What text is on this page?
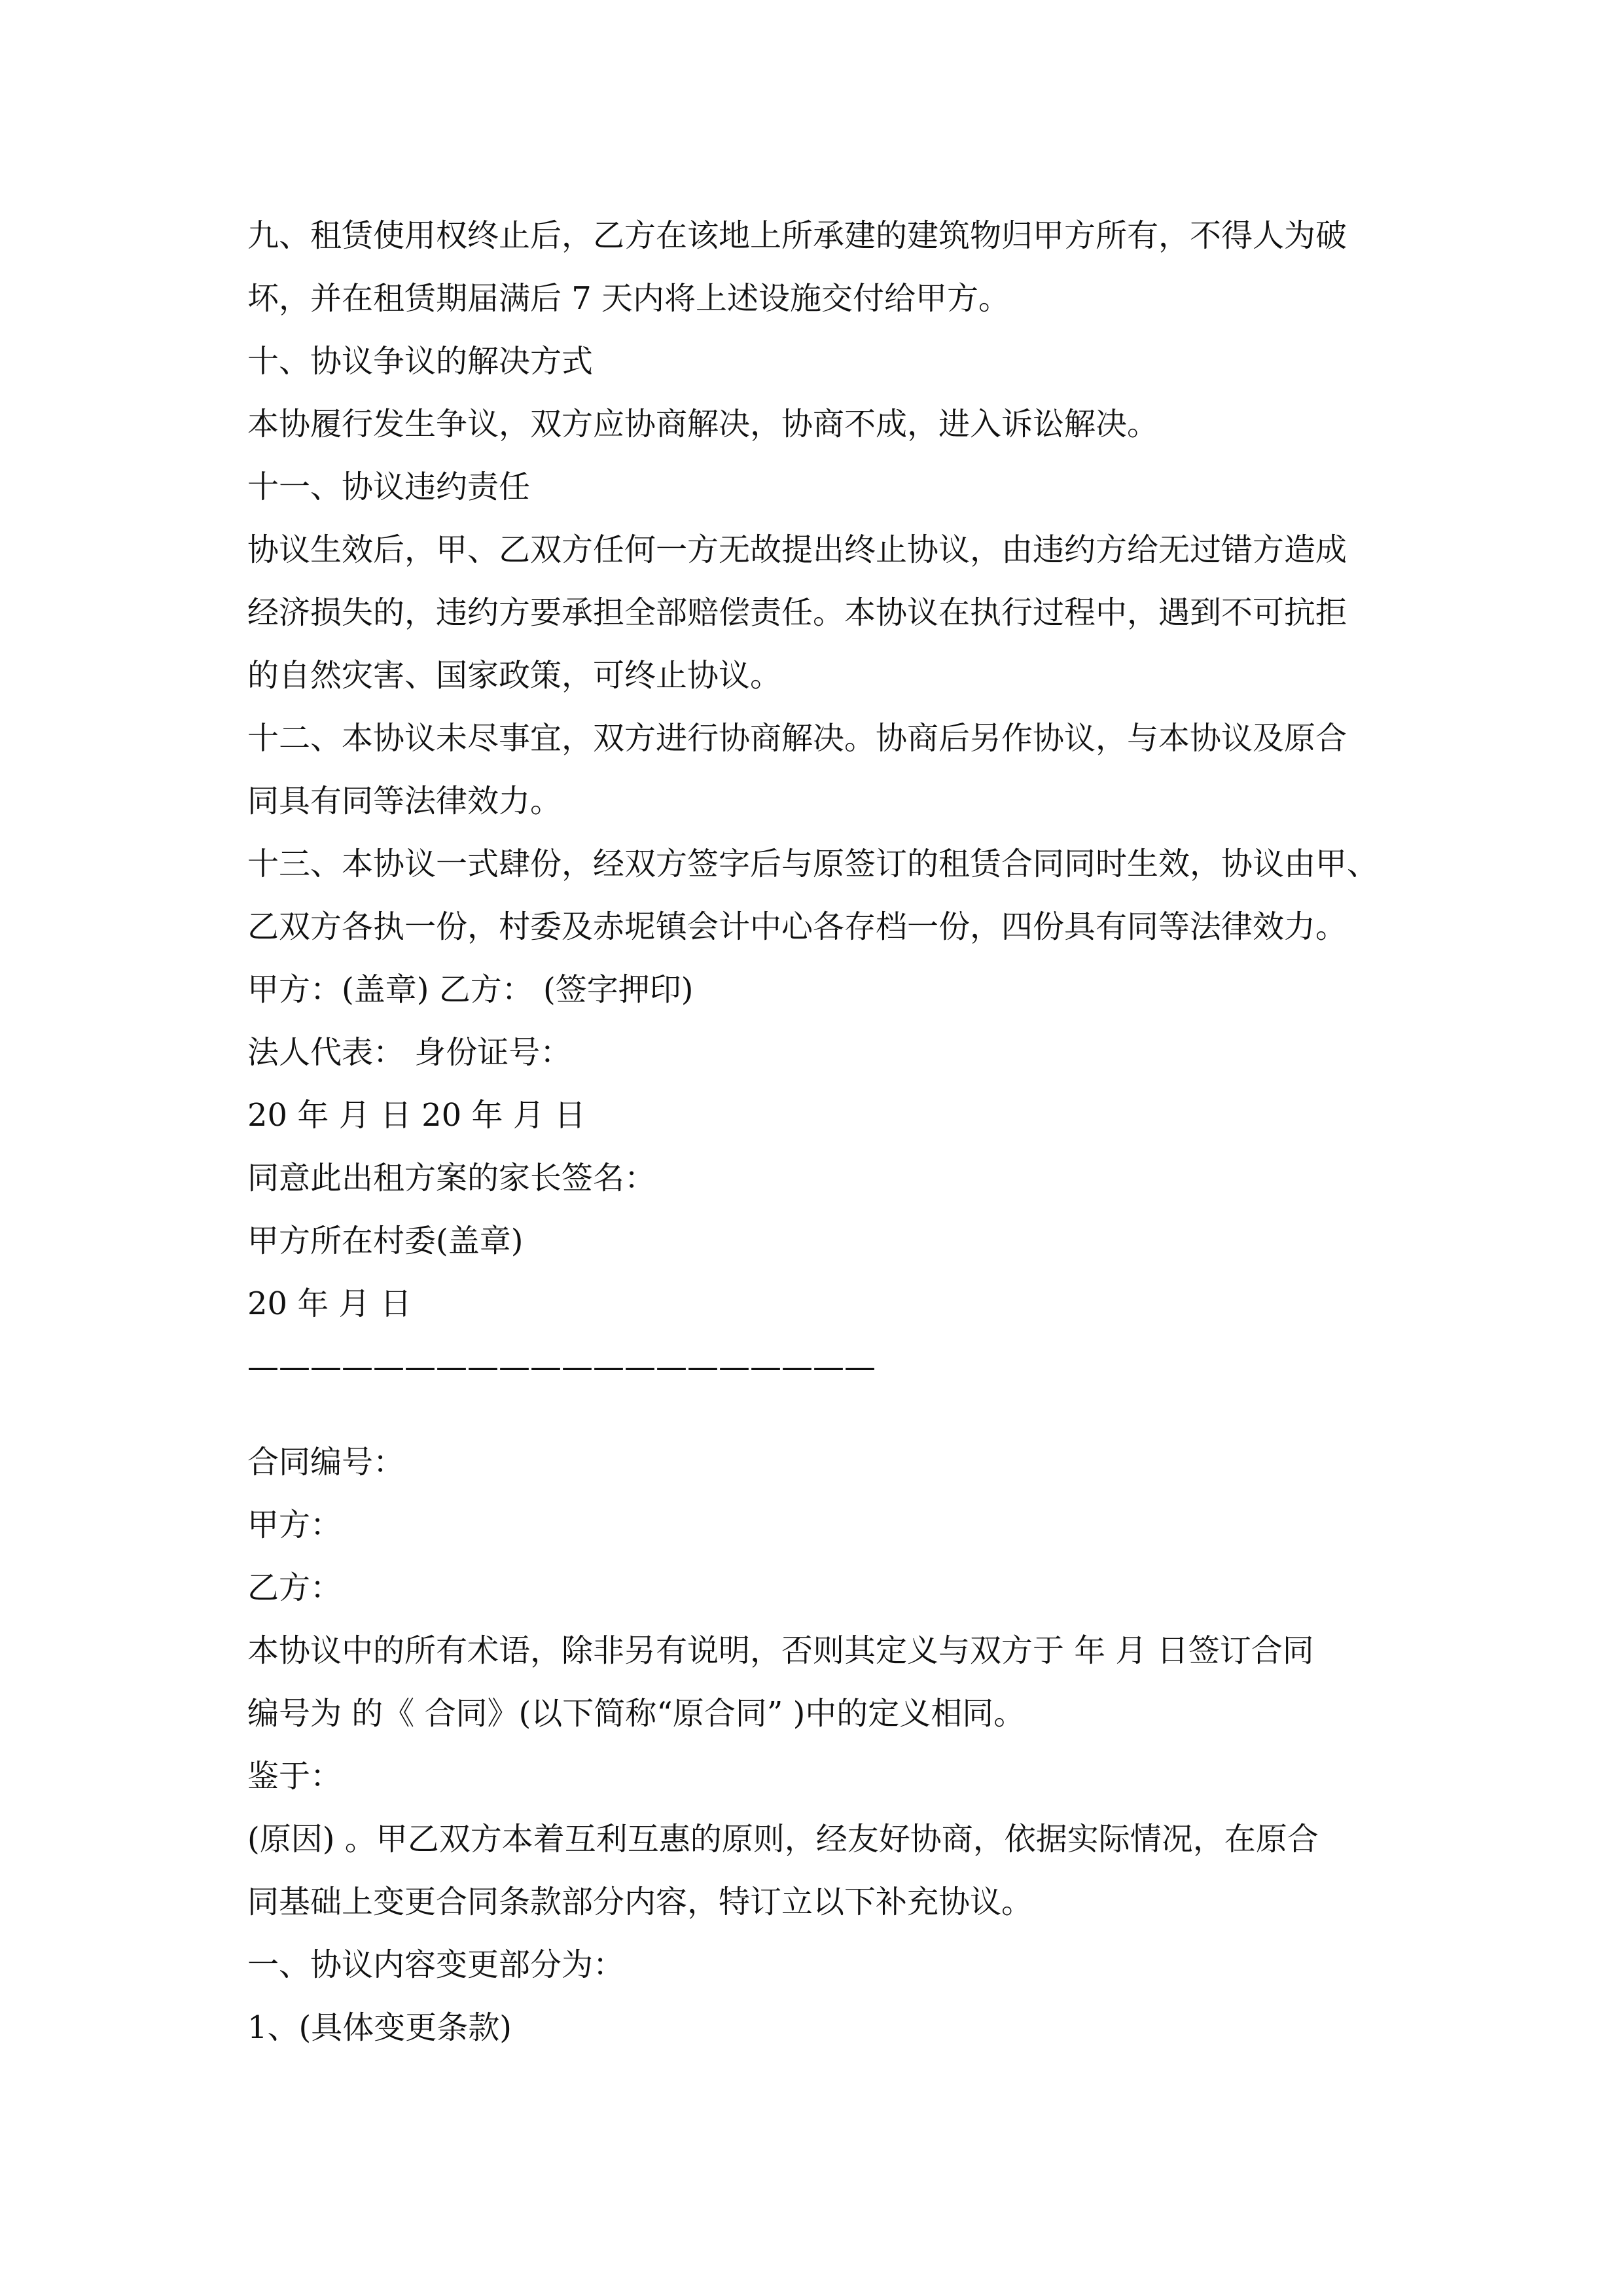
九、租赁使用权终止后，乙方在该地上所承建的建筑物归甲方所有，不得人为破
坏，并在租赁期届满后 7 天内将上述设施交付给甲方。
十、协议争议的解决方式
本协履行发生争议，双方应协商解决，协商不成，进入诉讼解决。
十一、协议违约责任
协议生效后，甲、乙双方任何一方无故提出终止协议，由违约方给无过错方造成
经济损失的，违约方要承担全部赔偿责任。本协议在执行过程中，遇到不可抗拒
的自然灾害、国家政策，可终止协议。
十二、本协议未尽事宜，双方进行协商解决。协商后另作协议，与本协议及原合
同具有同等法律效力。
十三、本协议一式肆份，经双方签字后与原签订的租赁合同同时生效，协议由甲、
乙双方各执一份，村委及赤坭镇会计中心各存档一份，四份具有同等法律效力。
甲方：(盖章) 乙方： (签字押印)
法人代表： 身份证号：
20 年 月 日 20 年 月 日
同意此出租方案的家长签名：
甲方所在村委(盖章)
20 年 月 日
————————————————————
合同编号：
甲方：
乙方：
本协议中的所有术语，除非另有说明，否则其定义与双方于 年 月 日签订合同
编号为 的《 合同》(以下简称“原合同” )中的定义相同。
鉴于：
(原因) 。甲乙双方本着互利互惠的原则，经友好协商，依据实际情况，在原合
同基础上变更合同条款部分内容，特订立以下补充协议。
一、协议内容变更部分为：
1、(具体变更条款)
